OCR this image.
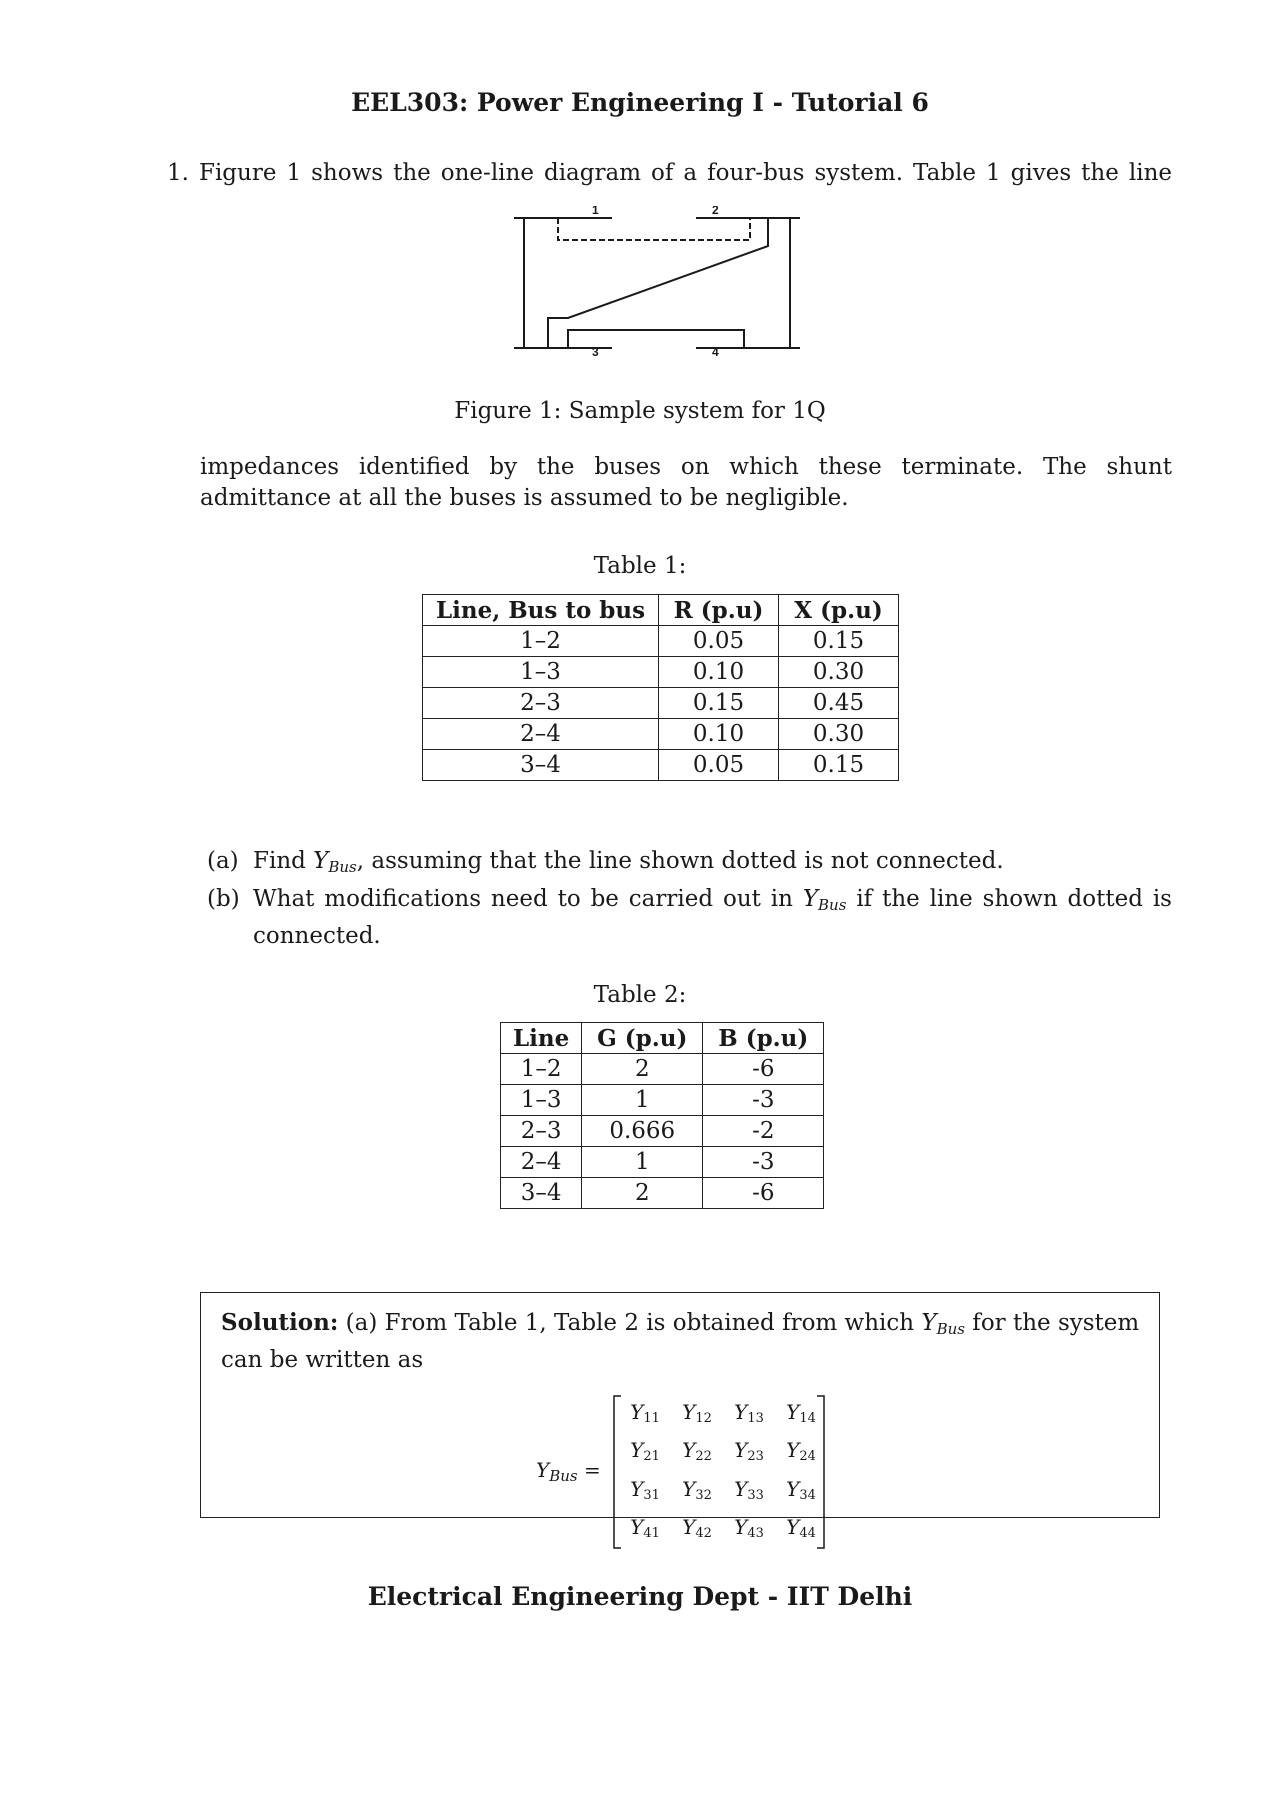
EEL303: Power Engineering I - Tutorial 6
1. Figure 1 shows the one-line diagram of a four-bus system. Table 1 gives the line
1	2
3	4
Figure 1: Sample system for 1Q
impedances identified by the buses on which these terminate. The shunt admittance at all the buses is assumed to be negligible.
Table 1:
Line, Bus to bus	R (p.u)	X (p.u)
1–2	0.05	0.15
1–3	0.10	0.30
2–3	0.15	0.45
2–4	0.10	0.30
3–4	0.05	0.15
(a) Find $Y_{Bus}$, assuming that the line shown dotted is not connected.
(b) What modifications need to be carried out in $Y_{Bus}$ if the line shown dotted is connected.
Table 2:
Line	G (p.u)	B (p.u)
1–2	2	-6
1–3	1	-3
2–3	0.666	-2
2–4	1	-3
3–4	2	-6
Solution: (a) From Table 1, Table 2 is obtained from which $Y_{Bus}$ for the system can be written as
$Y_{Bus}$ =
$Y_{11}$	$Y_{12}$	$Y_{13}$	$Y_{14}$
$Y_{21}$	$Y_{22}$	$Y_{23}$	$Y_{24}$
$Y_{31}$	$Y_{32}$	$Y_{33}$	$Y_{34}$
$Y_{41}$	$Y_{42}$	$Y_{43}$	$Y_{44}$
Electrical Engineering Dept - IIT Delhi
